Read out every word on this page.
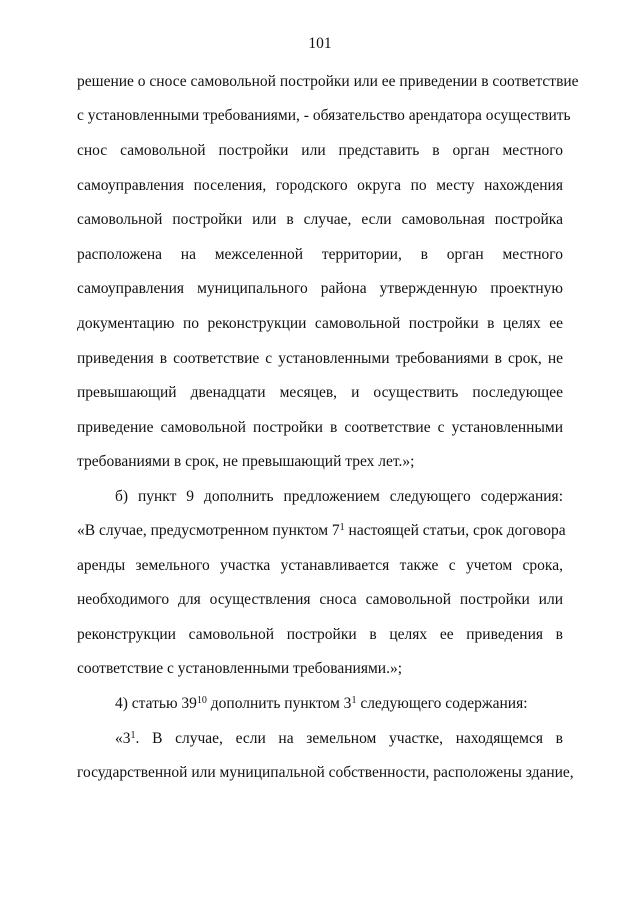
101
решение о сносе самовольной постройки или ее приведении в соответствие
с установленными требованиями, - обязательство арендатора осуществить
снос самовольной постройки или представить в орган местного
самоуправления поселения, городского округа по месту нахождения
самовольной постройки или в случае, если самовольная постройка
расположена на межселенной территории, в орган местного
самоуправления муниципального района утвержденную проектную
документацию по реконструкции самовольной постройки в целях ее
приведения в соответствие с установленными требованиями в срок, не
превышающий двенадцати месяцев, и осуществить последующее
приведение самовольной постройки в соответствие с установленными
требованиями в срок, не превышающий трех лет.»;
б) пункт 9 дополнить предложением следующего содержания:
«В случае, предусмотренном пунктом $7^1$ настоящей статьи, срок договора
аренды земельного участка устанавливается также с учетом срока,
необходимого для осуществления сноса самовольной постройки или
реконструкции самовольной постройки в целях ее приведения в
соответствие с установленными требованиями.»;
4) статью $39^{10}$ дополнить пунктом $3^1$ следующего содержания:
«$3^1$. В случае, если на земельном участке, находящемся в
государственной или муниципальной собственности, расположены здание,
